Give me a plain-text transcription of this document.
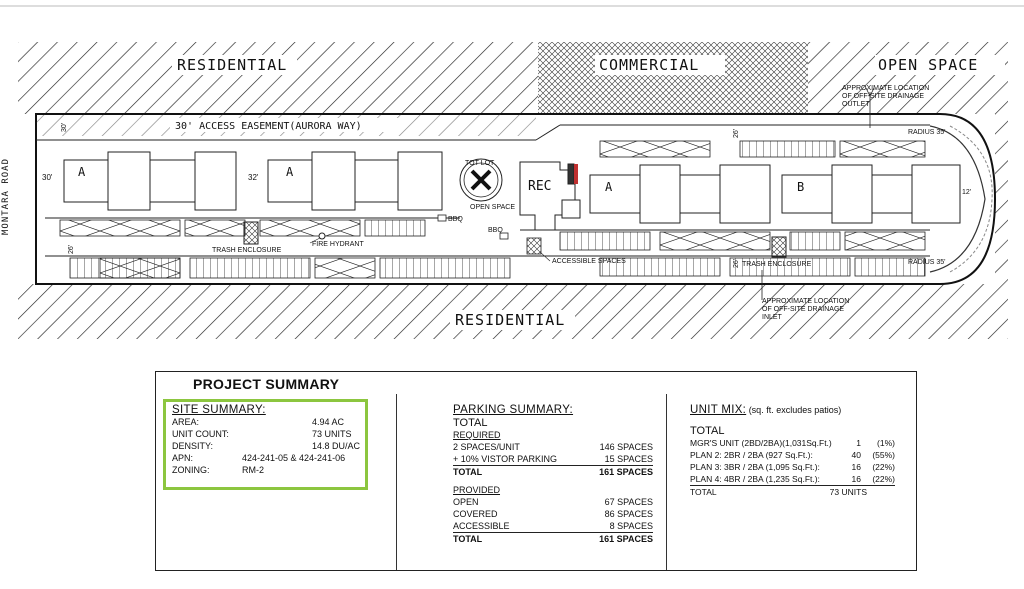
RESIDENTIAL	COMMERCIAL	OPEN SPACE
RESIDENTIAL
MONTARA ROAD
30' ACCESS EASEMENT(AURORA WAY)
A	A
A	B
REC
TOT LOT
OPEN SPACE
BBQ
BBQ
TRASH ENCLOSURE
FIRE HYDRANT
ACCESSIBLE SPACES	TRASH ENCLOSURE
APPROXIMATE LOCATION
OF OFF-SITE DRAINAGE
OUTLET
APPROXIMATE LOCATION
OF OFF-SITE DRAINAGE
INLET
RADIUS 35'
RADIUS 35'
30'
30'	32'
26'
26'
26'
12'
PROJECT SUMMARY
SITE SUMMARY:
AREA:	4.94 AC
UNIT COUNT:	73 UNITS
DENSITY:	14.8 DU/AC
APN:	424-241-05 & 424-241-06
ZONING:	RM-2
PARKING SUMMARY:
TOTAL
REQUIRED
2 SPACES/UNIT	146 SPACES
+ 10% VISTOR PARKING	15 SPACES
TOTAL	161 SPACES
PROVIDED
OPEN	67 SPACES
COVERED	86 SPACES
ACCESSIBLE	8 SPACES
TOTAL	161 SPACES
UNIT MIX: (sq. ft. excludes patios)
TOTAL
MGR'S UNIT (2BD/2BA)(1,031Sq.Ft.)	1 (1%)
PLAN 2: 2BR / 2BA (927 Sq.Ft.):	40 (55%)
PLAN 3: 3BR / 2BA (1,095 Sq.Ft.):	16 (22%)
PLAN 4: 4BR / 2BA (1,235 Sq.Ft.):	16 (22%)
TOTAL	73 UNITS
